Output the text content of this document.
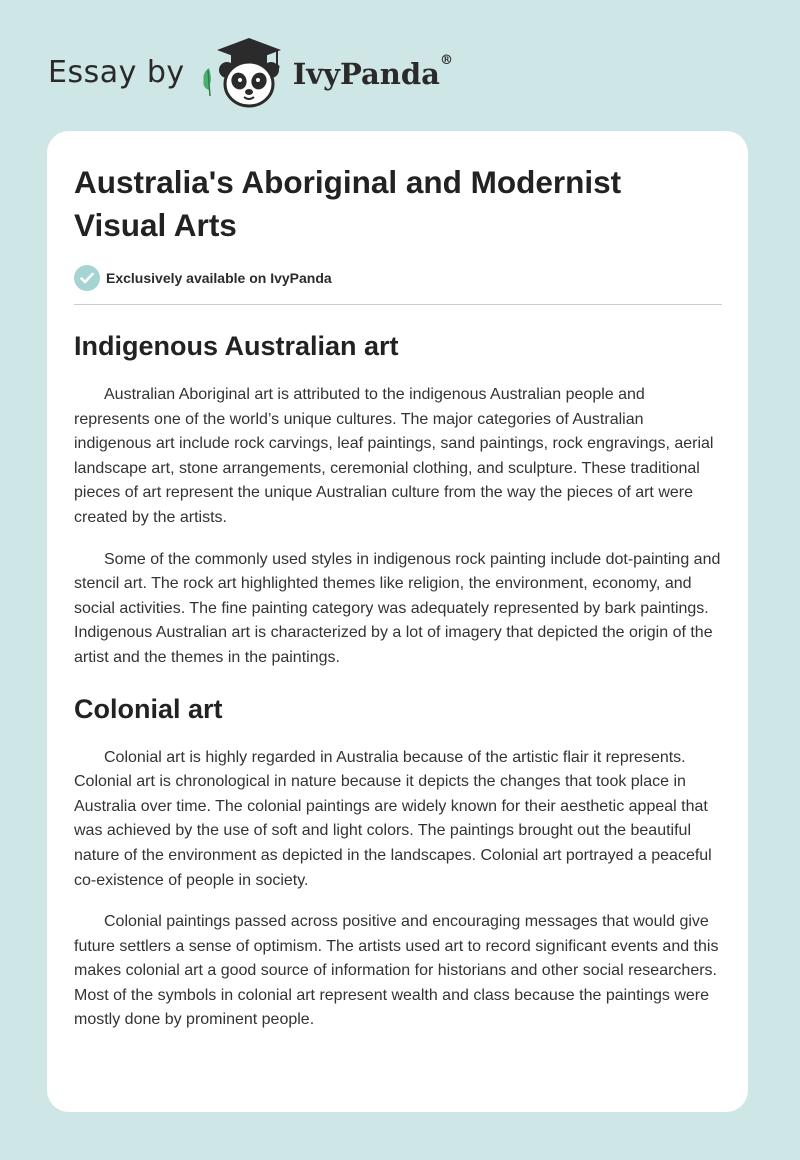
Essay by	IvyPanda®
Australia's Aboriginal and Modernist Visual Arts
Exclusively available on IvyPanda
Indigenous Australian art

Australian Aboriginal art is attributed to the indigenous Australian people and represents one of the world’s unique cultures. The major categories of Australian indigenous art include rock carvings, leaf paintings, sand paintings, rock engravings, aerial landscape art, stone arrangements, ceremonial clothing, and sculpture. These traditional pieces of art represent the unique Australian culture from the way the pieces of art were created by the artists.

Some of the commonly used styles in indigenous rock painting include dot-painting and stencil art. The rock art highlighted themes like religion, the environment, economy, and social activities. The fine painting category was adequately represented by bark paintings. Indigenous Australian art is characterized by a lot of imagery that depicted the origin of the artist and the themes in the paintings.

Colonial art

Colonial art is highly regarded in Australia because of the artistic flair it represents. Colonial art is chronological in nature because it depicts the changes that took place in Australia over time. The colonial paintings are widely known for their aesthetic appeal that was achieved by the use of soft and light colors. The paintings brought out the beautiful nature of the environment as depicted in the landscapes. Colonial art portrayed a peaceful co-existence of people in society.

Colonial paintings passed across positive and encouraging messages that would give future settlers a sense of optimism. The artists used art to record significant events and this makes colonial art a good source of information for historians and other social researchers. Most of the symbols in colonial art represent wealth and class because the paintings were mostly done by prominent people.
